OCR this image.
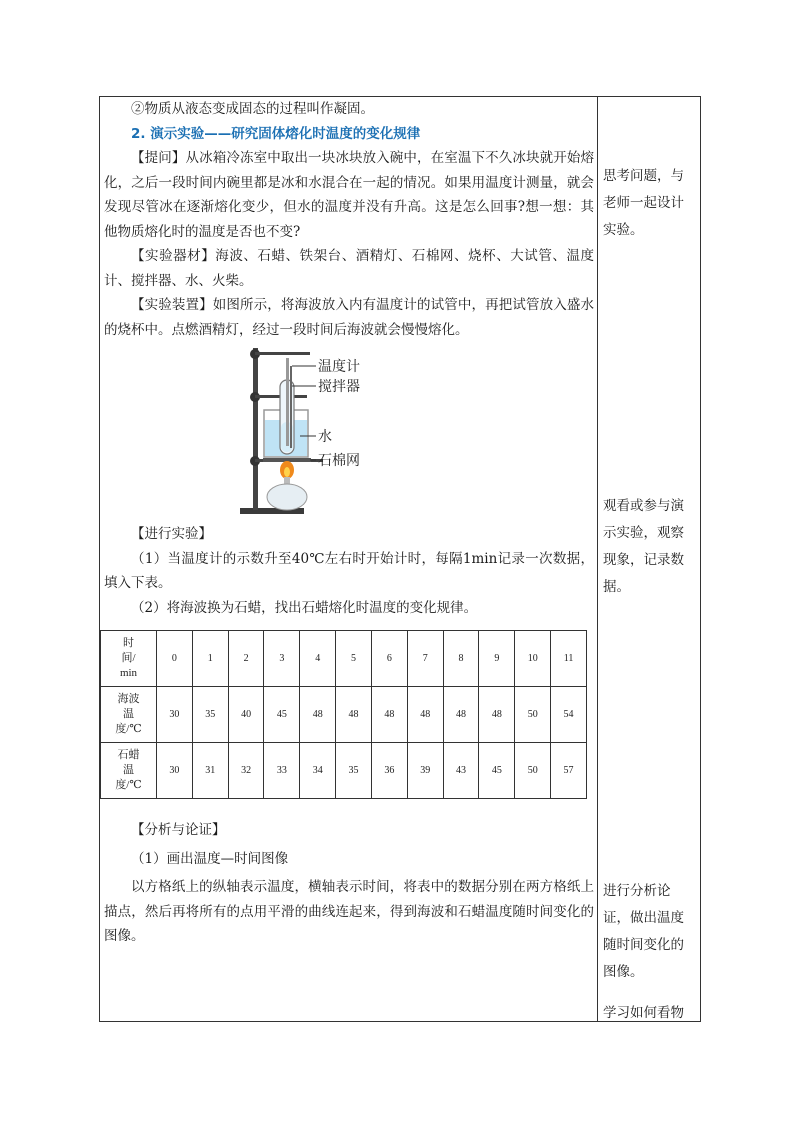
②物质从液态变成固态的过程叫作凝固。

2. 演示实验——研究固体熔化时温度的变化规律

【提问】从冰箱冷冻室中取出一块冰块放入碗中，在室温下不久冰块就开始熔化，之后一段时间内碗里都是冰和水混合在一起的情况。如果用温度计测量，就会发现尽管冰在逐渐熔化变少，但水的温度并没有升高。这是怎么回事?想一想：其他物质熔化时的温度是否也不变?

【实验器材】海波、石蜡、铁架台、酒精灯、石棉网、烧杯、大试管、温度计、搅拌器、水、火柴。

【实验装置】如图所示，将海波放入内有温度计的试管中，再把试管放入盛水的烧杯中。点燃酒精灯，经过一段时间后海波就会慢慢熔化。

温度计
搅拌器
水
石棉网

【进行实验】

（1）当温度计的示数升至40℃左右时开始计时，每隔1min记录一次数据，填入下表。

（2）将海波换为石蜡，找出石蜡熔化时温度的变化规律。

时
间/
min	0	1	2	3	4	5	6	7	8	9	10	11

海波
温
度/℃	30	35	40	45	48	48	48	48	48	48	50	54

石蜡
温
度/℃	30	31	32	33	34	35	36	39	43	45	50	57

【分析与论证】

（1）画出温度—时间图像

以方格纸上的纵轴表示温度，横轴表示时间，将表中的数据分别在两方格纸上描点，然后再将所有的点用平滑的曲线连起来，得到海波和石蜡温度随时间变化的图像。

思考问题，与老师一起设计实验。
观看或参与演示实验，观察现象，记录数据。
进行分析论证，做出温度随时间变化的图像。
学习如何看物
